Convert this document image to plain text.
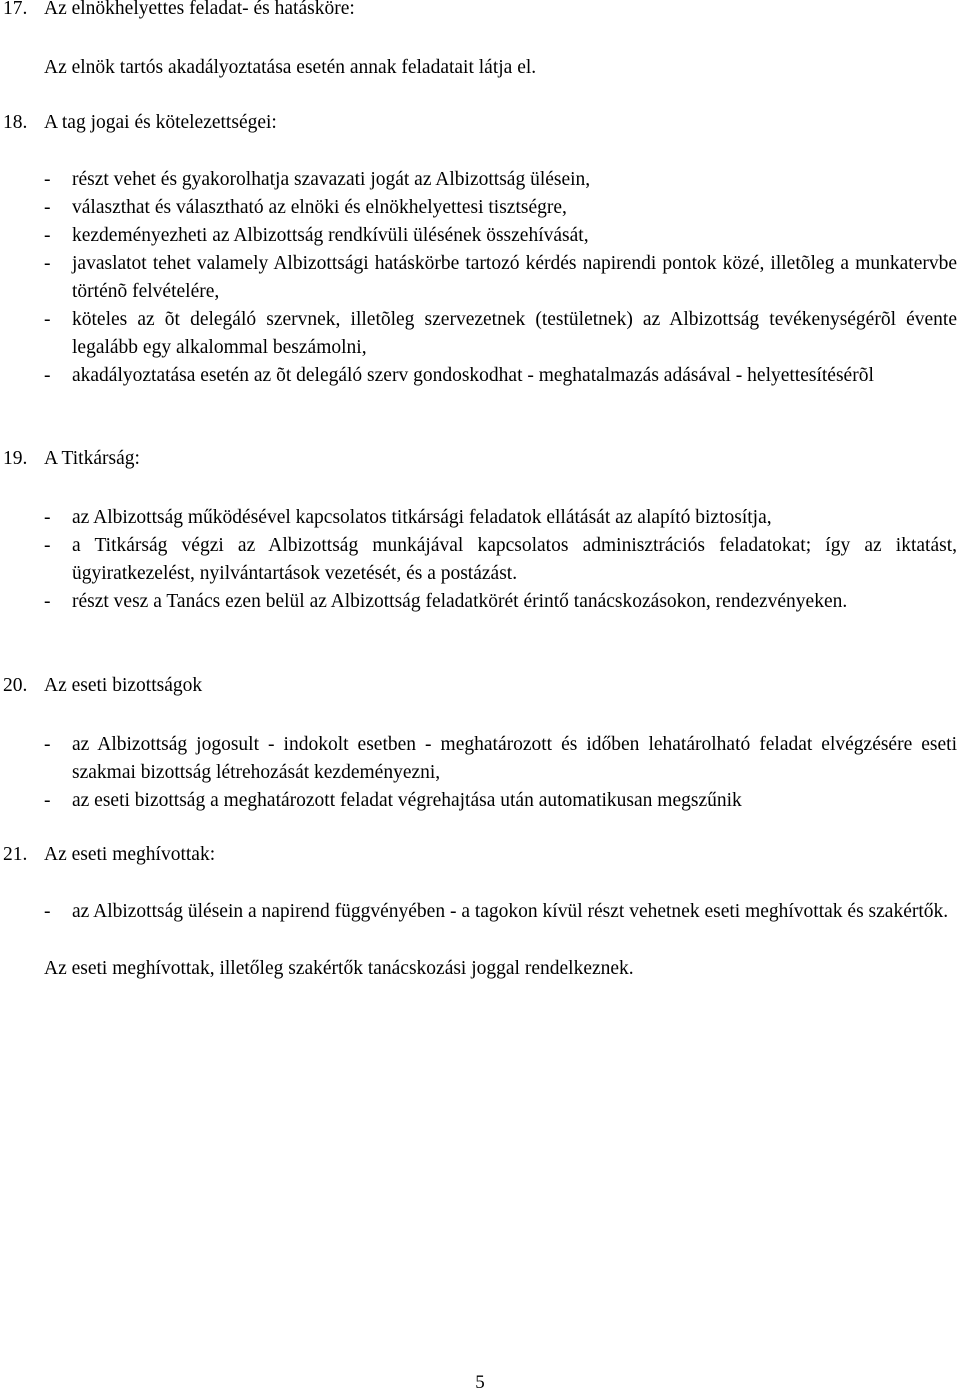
17. Az elnökhelyettes feladat- és hatásköre:
Az elnök tartós akadályoztatása esetén annak feladatait látja el.
18. A tag jogai és kötelezettségei:
- részt vehet és gyakorolhatja szavazati jogát az Albizottság ülésein,
- választhat és választható az elnöki és elnökhelyettesi tisztségre,
- kezdeményezheti az Albizottság rendkívüli ülésének összehívását,
- javaslatot tehet valamely Albizottsági hatáskörbe tartozó kérdés napirendi pontok közé, illetõleg a munkatervbe történõ felvételére,
- köteles az õt delegáló szervnek, illetõleg szervezetnek (testületnek) az Albizottság tevékenységérõl évente legalább egy alkalommal beszámolni,
- akadályoztatása esetén az õt delegáló szerv gondoskodhat - meghatalmazás adásával - helyettesítésérõl
19. A Titkárság:
- az Albizottság működésével kapcsolatos titkársági feladatok ellátását az alapító biztosítja,
- a Titkárság végzi az Albizottság munkájával kapcsolatos adminisztrációs feladatokat; így az iktatást, ügyiratkezelést, nyilvántartások vezetését, és a postázást.
- részt vesz a Tanács ezen belül az Albizottság feladatkörét érintő tanácskozásokon, rendezvényeken.
20. Az eseti bizottságok
- az Albizottság jogosult - indokolt esetben - meghatározott és időben lehatárolható feladat elvégzésére eseti szakmai bizottság létrehozását kezdeményezni,
- az eseti bizottság a meghatározott feladat végrehajtása után automatikusan megszűnik
21. Az eseti meghívottak:
- az Albizottság ülésein a napirend függvényében - a tagokon kívül részt vehetnek eseti meghívottak és szakértők.
Az eseti meghívottak, illetőleg szakértők tanácskozási joggal rendelkeznek.
5
